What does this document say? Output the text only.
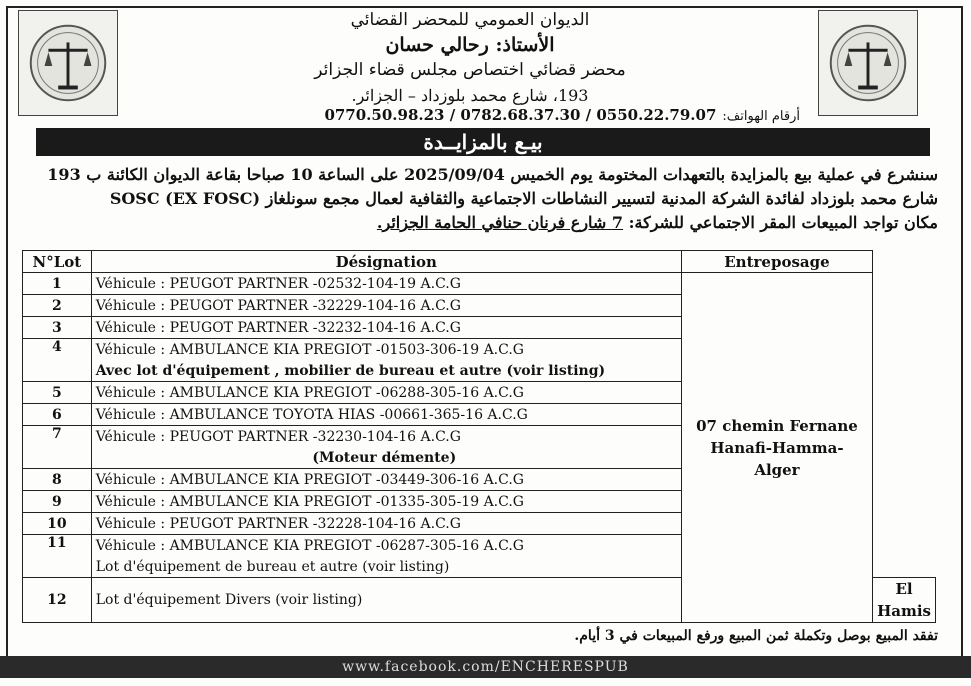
الديوان العمومي للمحضر القضائي
الأستاذ: رحالي حسان
محضر قضائي اختصاص مجلس قضاء الجزائر
193، شارع محمد بلوزداد – الجزائر.
أرقام الهواتف:0770.50.98.23 / 0782.68.37.30 / 0550.22.79.07
بيـع بالمزايــدة
سنشرع في عملية بيع بالمزايدة بالتعهدات المختومة يوم الخميس 2025/09/04 على الساعة 10 صباحا بقاعة الديوان الكائنة ب 193
شارع محمد بلوزداد لفائدة الشركة المدنية لتسيير النشاطات الاجتماعية والثقافية لعمال مجمع سونلغاز SOSC (EX FOSC)
مكان تواجد المبيعات المقر الاجتماعي للشركة: 7 شارع فرنان حنافي الحامة الجزائر.
N°Lot	Désignation	Entreposage	
1	Véhicule : PEUGOT PARTNER -02532-104-19 A.C.G	07 chemin Fernane
Hanafi-Hamma-
Alger	

2	Véhicule : PEUGOT PARTNER -32229-104-16 A.C.G		
3	Véhicule : PEUGOT PARTNER -32232-104-16 A.C.G		
4	Véhicule : AMBULANCE KIA PREGIOT -01503-306-19 A.C.G		
	Avec lot d'équipement , mobilier de bureau et autre (voir listing)		
5	Véhicule : AMBULANCE KIA PREGIOT -06288-305-16 A.C.G		
6	Véhicule : AMBULANCE TOYOTA HIAS -00661-365-16 A.C.G		
7	Véhicule : PEUGOT PARTNER -32230-104-16 A.C.G		
	(Moteur démente)		
8	Véhicule : AMBULANCE KIA PREGIOT -03449-306-16 A.C.G		
9	Véhicule : AMBULANCE KIA PREGIOT -01335-305-19 A.C.G		
10	Véhicule : PEUGOT PARTNER -32228-104-16 A.C.G		
11	Véhicule : AMBULANCE KIA PREGIOT -06287-305-16 A.C.G		
	Lot d'équipement de bureau et autre (voir listing)		
12	Lot d'équipement Divers (voir listing)		El Hamis
تفقد المبيع بوصل وتكملة ثمن المبيع ورفع المبيعات في 3 أيام.
www.facebook.com/ENCHERESPUB
